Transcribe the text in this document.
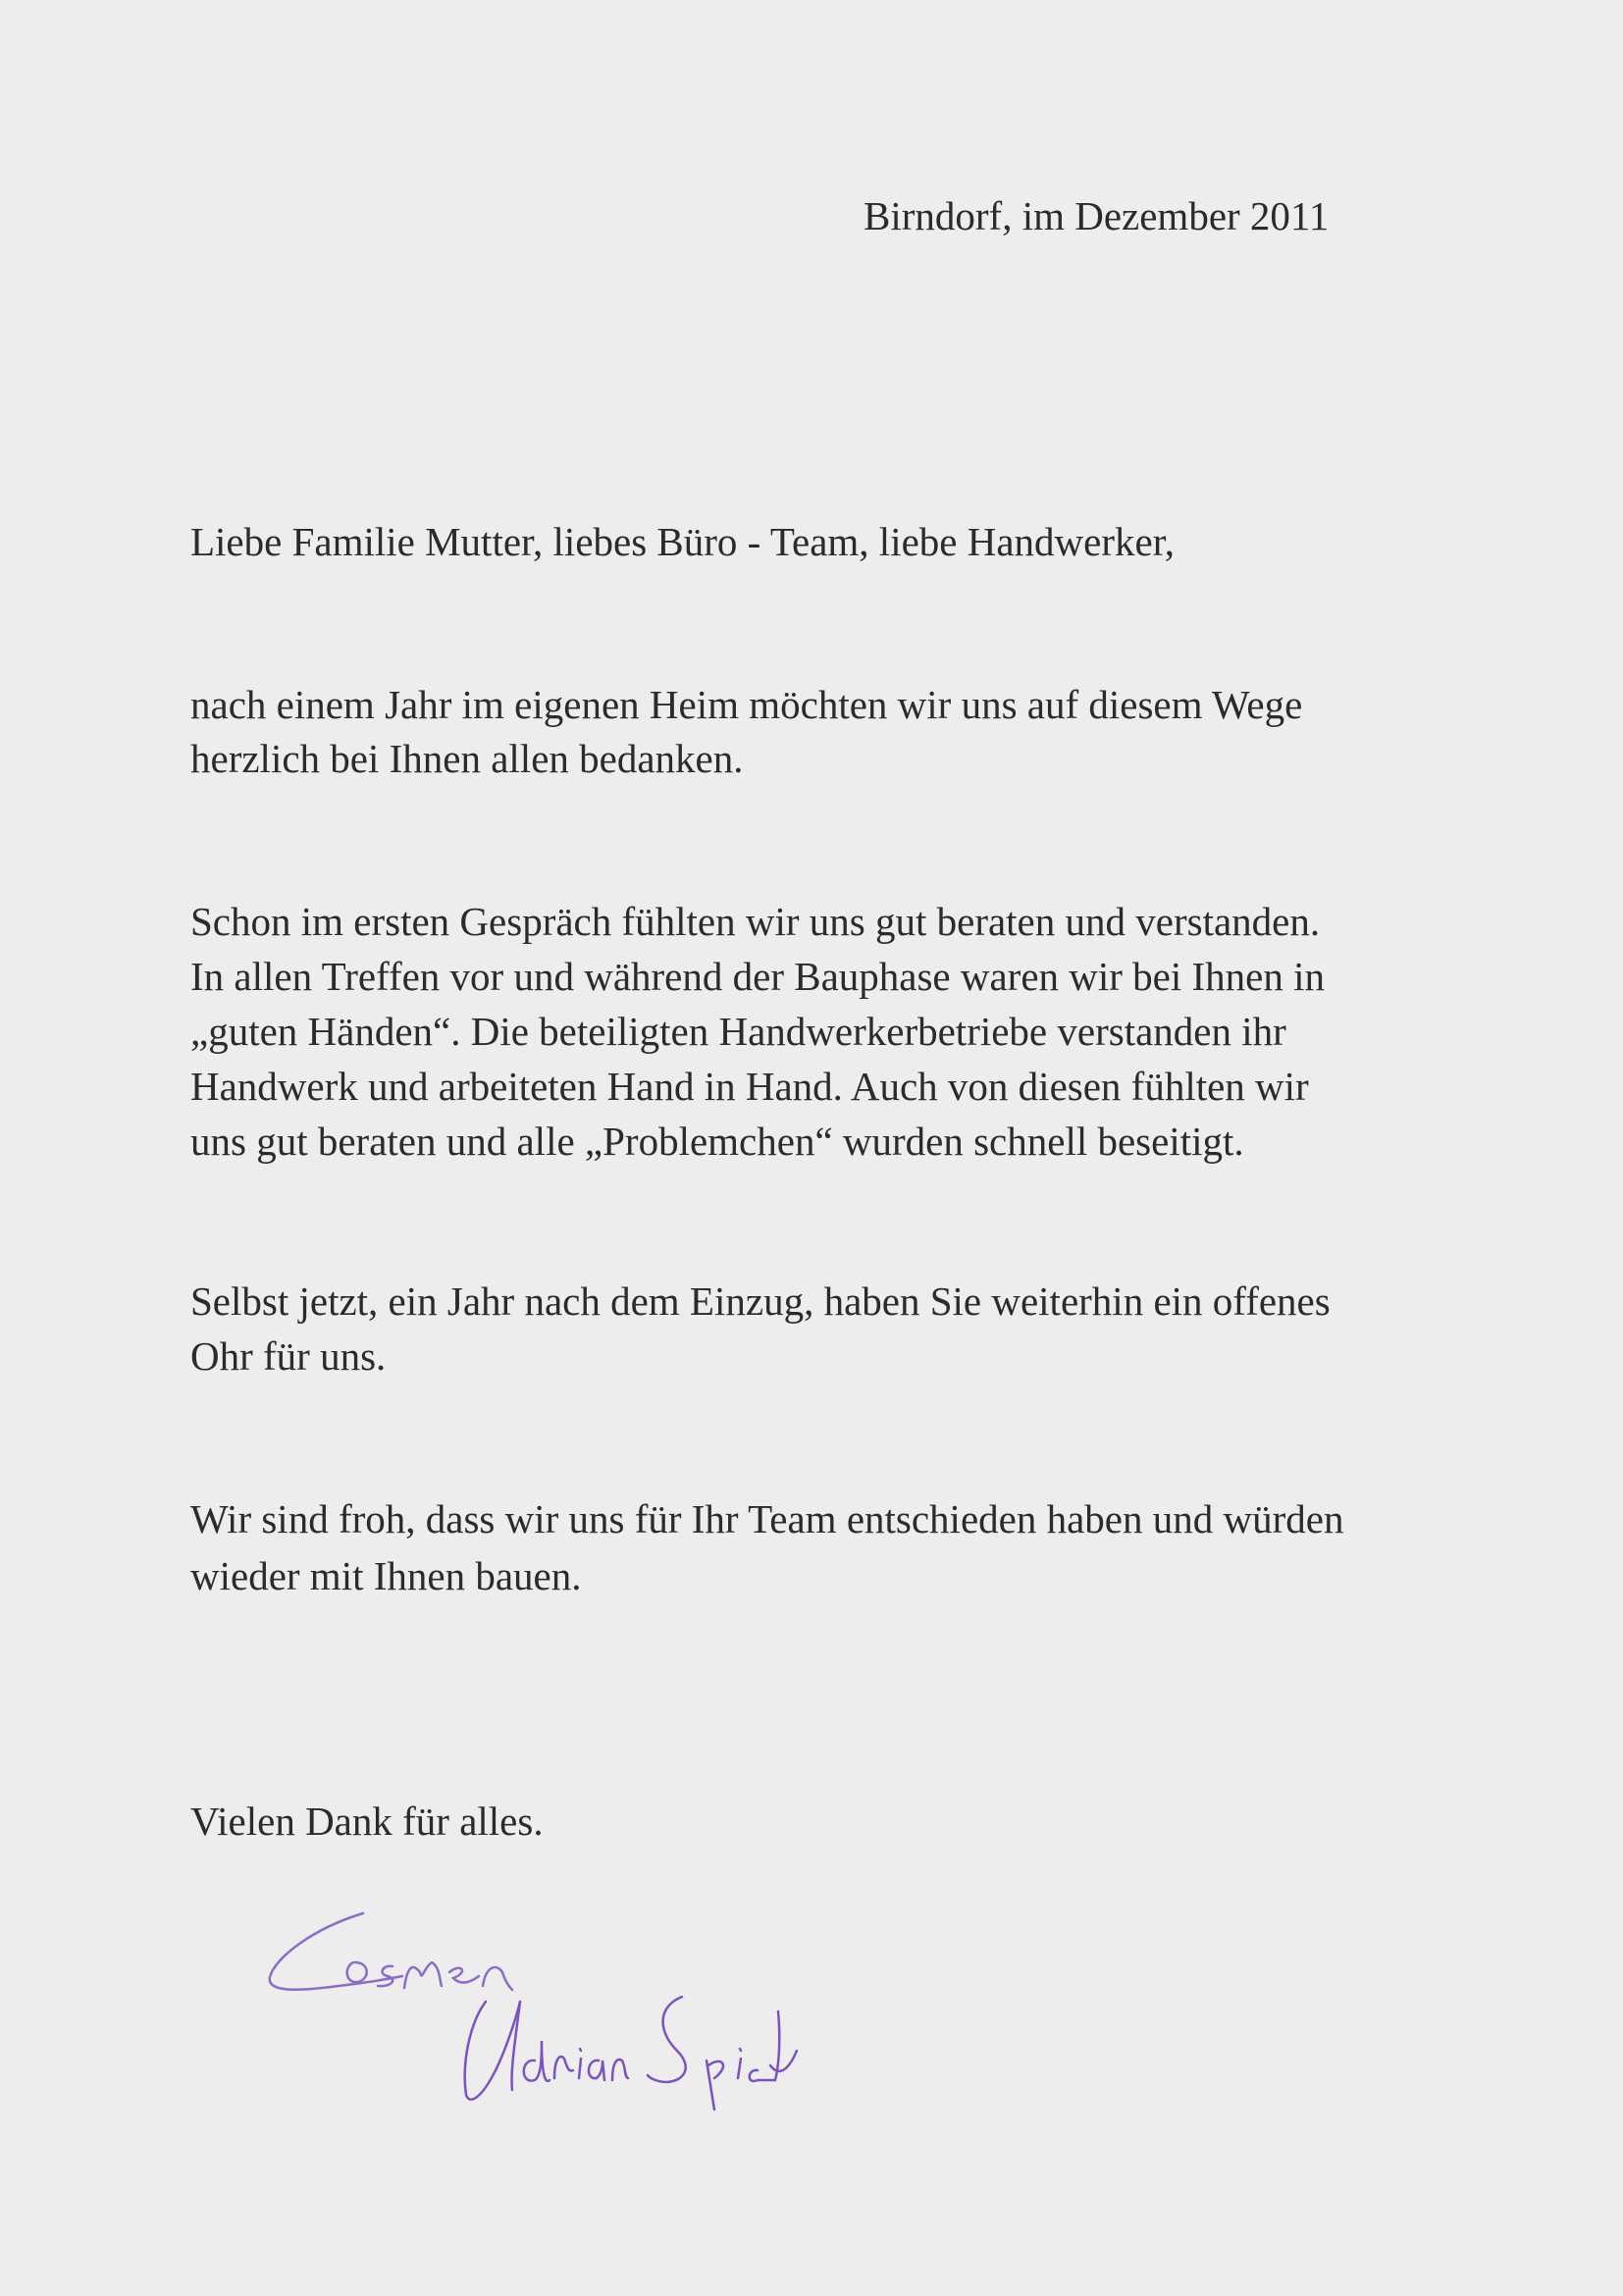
Birndorf, im Dezember 2011
Liebe Familie Mutter, liebes Büro - Team, liebe Handwerker,
nach einem Jahr im eigenen Heim möchten wir uns auf diesem Wege
herzlich bei Ihnen allen bedanken.
Schon im ersten Gespräch fühlten wir uns gut beraten und verstanden.
In allen Treffen vor und während der Bauphase waren wir bei Ihnen in
„guten Händen“. Die beteiligten Handwerkerbetriebe verstanden ihr
Handwerk und arbeiteten Hand in Hand. Auch von diesen fühlten wir
uns gut beraten und alle „Problemchen“ wurden schnell beseitigt.
Selbst jetzt, ein Jahr nach dem Einzug, haben Sie weiterhin ein offenes
Ohr für uns.
Wir sind froh, dass wir uns für Ihr Team entschieden haben und würden
wieder mit Ihnen bauen.
Vielen Dank für alles.
